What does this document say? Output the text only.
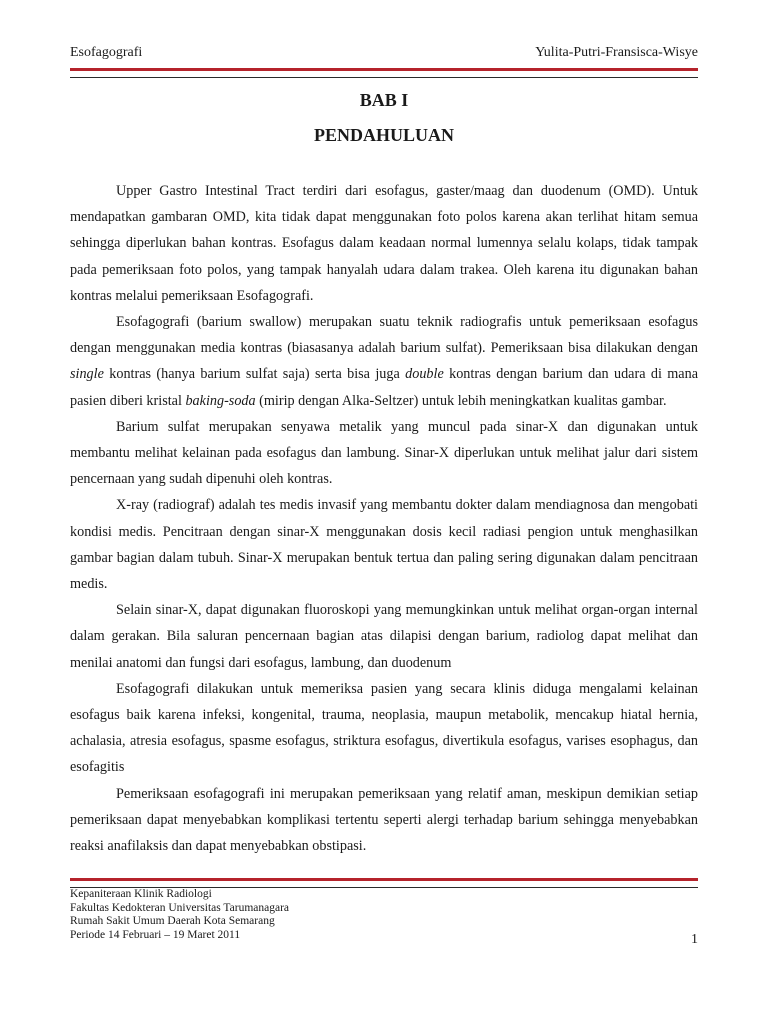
Esofagografi	Yulita-Putri-Fransisca-Wisye
BAB I
PENDAHULUAN

Upper Gastro Intestinal Tract terdiri dari esofagus, gaster/maag dan duodenum (OMD). Untuk mendapatkan gambaran OMD, kita tidak dapat menggunakan foto polos karena akan terlihat hitam semua sehingga diperlukan bahan kontras. Esofagus dalam keadaan normal lumennya selalu kolaps, tidak tampak pada pemeriksaan foto polos, yang tampak hanyalah udara dalam trakea. Oleh karena itu digunakan bahan kontras melalui pemeriksaan Esofagografi.

Esofagografi (barium swallow) merupakan suatu teknik radiografis untuk pemeriksaan esofagus dengan menggunakan media kontras (biasasanya adalah barium sulfat). Pemeriksaan bisa dilakukan dengan single kontras (hanya barium sulfat saja) serta bisa juga double kontras dengan barium dan udara di mana pasien diberi kristal baking-soda (mirip dengan Alka-Seltzer) untuk lebih meningkatkan kualitas gambar.

Barium sulfat merupakan senyawa metalik yang muncul pada sinar-X dan digunakan untuk membantu melihat kelainan pada esofagus dan lambung. Sinar-X diperlukan untuk melihat jalur dari sistem pencernaan yang sudah dipenuhi oleh kontras.

X-ray (radiograf) adalah tes medis invasif yang membantu dokter dalam mendiagnosa dan mengobati kondisi medis. Pencitraan dengan sinar-X menggunakan dosis kecil radiasi pengion untuk menghasilkan gambar bagian dalam tubuh. Sinar-X merupakan bentuk tertua dan paling sering digunakan dalam pencitraan medis.

Selain sinar-X, dapat digunakan fluoroskopi yang memungkinkan untuk melihat organ-organ internal dalam gerakan. Bila saluran pencernaan bagian atas dilapisi dengan barium, radiolog dapat melihat dan menilai anatomi dan fungsi dari esofagus, lambung, dan duodenum

Esofagografi dilakukan untuk memeriksa pasien yang secara klinis diduga mengalami kelainan esofagus baik karena infeksi, kongenital, trauma, neoplasia, maupun metabolik, mencakup hiatal hernia, achalasia, atresia esofagus, spasme esofagus, striktura esofagus, divertikula esofagus, varises esophagus, dan esofagitis

Pemeriksaan esofagografi ini merupakan pemeriksaan yang relatif aman, meskipun demikian setiap pemeriksaan dapat menyebabkan komplikasi tertentu seperti alergi terhadap barium sehingga menyebabkan reaksi anafilaksis dan dapat menyebabkan obstipasi.

Kepaniteraan Klinik Radiologi
Fakultas Kedokteran Universitas Tarumanagara
Rumah Sakit Umum Daerah Kota Semarang
Periode 14 Februari – 19 Maret 2011	1
